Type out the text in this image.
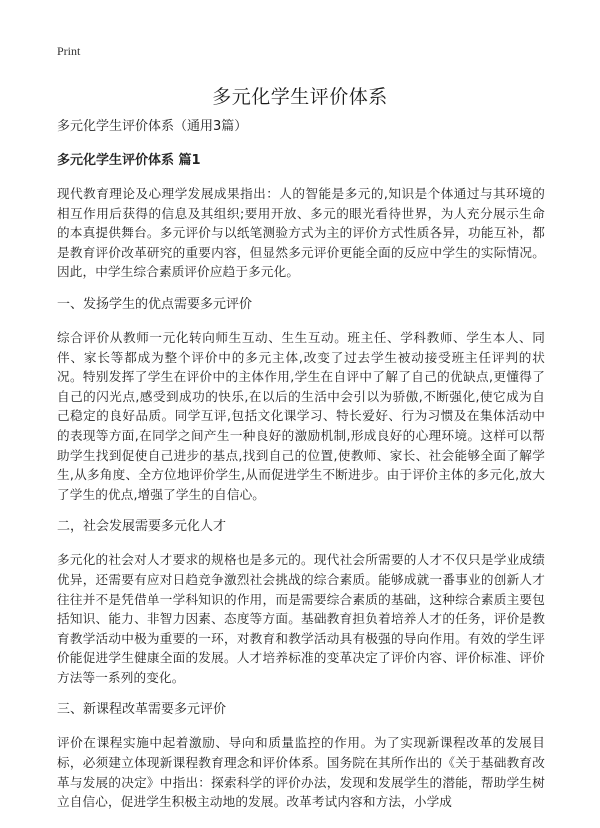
Print
多元化学生评价体系
多元化学生评价体系（通用3篇）
多元化学生评价体系 篇1
现代教育理论及心理学发展成果指出：人的智能是多元的,知识是个体通过与其环境的相互作用后获得的信息及其组织;要用开放、多元的眼光看待世界，为人充分展示生命的本真提供舞台。多元评价与以纸笔测验方式为主的评价方式性质各异，功能互补，都是教育评价改革研究的重要内容，但显然多元评价更能全面的反应中学生的实际情况。因此，中学生综合素质评价应趋于多元化。
一、发扬学生的优点需要多元评价
综合评价从教师一元化转向师生互动、生生互动。班主任、学科教师、学生本人、同伴、家长等都成为整个评价中的多元主体,改变了过去学生被动接受班主任评判的状况。特别发挥了学生在评价中的主体作用,学生在自评中了解了自己的优缺点,更懂得了自己的闪光点,感受到成功的快乐,在以后的生活中会引以为骄傲,不断强化,使它成为自己稳定的良好品质。同学互评,包括文化课学习、特长爱好、行为习惯及在集体活动中的表现等方面,在同学之间产生一种良好的激励机制,形成良好的心理环境。这样可以帮助学生找到促使自己进步的基点,找到自己的位置,使教师、家长、社会能够全面了解学生,从多角度、全方位地评价学生,从而促进学生不断进步。由于评价主体的多元化,放大了学生的优点,增强了学生的自信心。
二，社会发展需要多元化人才
多元化的社会对人才要求的规格也是多元的。现代社会所需要的人才不仅只是学业成绩优异，还需要有应对日趋竞争激烈社会挑战的综合素质。能够成就一番事业的创新人才往往并不是凭借单一学科知识的作用，而是需要综合素质的基础，这种综合素质主要包括知识、能力、非智力因素、态度等方面。基础教育担负着培养人才的任务，评价是教育教学活动中极为重要的一环，对教育和教学活动具有极强的导向作用。有效的学生评价能促进学生健康全面的发展。人才培养标准的变革决定了评价内容、评价标准、评价方法等一系列的变化。
三、新课程改革需要多元评价
评价在课程实施中起着激励、导向和质量监控的作用。为了实现新课程改革的发展目标，必须建立体现新课程教育理念和评价体系。国务院在其所作出的《关于基础教育改革与发展的决定》中指出：探索科学的评价办法，发现和发展学生的潜能，帮助学生树立自信心，促进学生积极主动地的发展。改革考试内容和方法，小学成
